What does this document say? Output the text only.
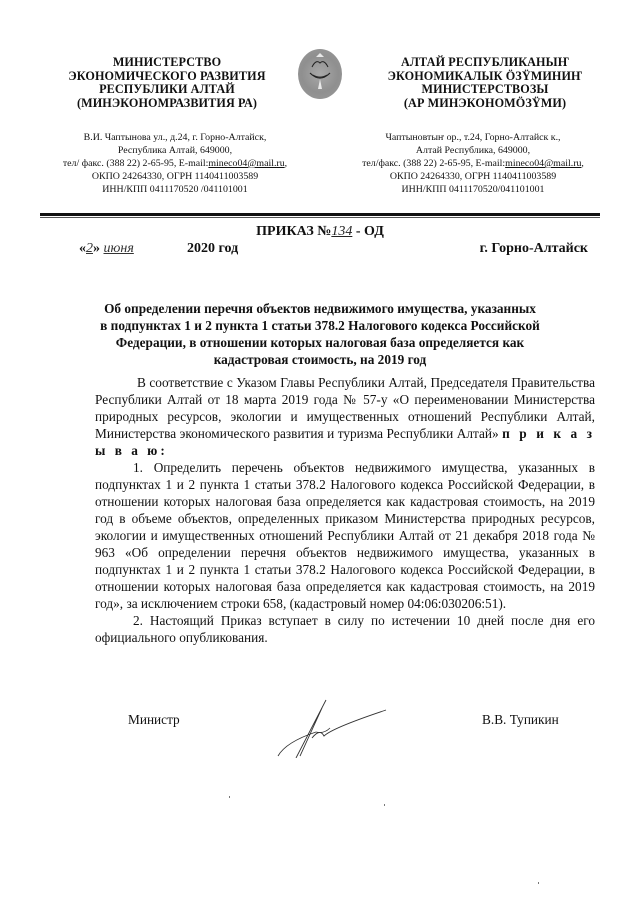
МИНИСТЕРСТВО
ЭКОНОМИЧЕСКОГО РАЗВИТИЯ
РЕСПУБЛИКИ АЛТАЙ
(МИНЭКОНОМРАЗВИТИЯ РА)
АЛТАЙ РЕСПУБЛИКАНЫҤ
ЭКОНОМИКАЛЫК ÖЗŸМИНИҤ
МИНИСТЕРСТВОЗЫ
(АР МИНЭКОНОМÖЗŸМИ)
В.И. Чаптынова ул., д.24, г. Горно-Алтайск,
Республика Алтай, 649000,
тел/ факс. (388 22) 2-65-95, E-mail:mineco04@mail.ru,
ОКПО 24264330, ОГРН 1140411003589
ИНН/КПП 0411170520 /041101001
Чаптыновтыҥ ор., т.24, Горно-Алтайск к.,
Алтай Республика, 649000,
тел/факс. (388 22) 2-65-95, E-mail:mineco04@mail.ru,
ОКПО 24264330, ОГРН 1140411003589
ИНН/КПП 0411170520/041101001
ПРИКАЗ №134 - ОД
«2» июня	2020 год	г. Горно-Алтайск
Об определении перечня объектов недвижимого имущества, указанных в подпунктах 1 и 2 пункта 1 статьи 378.2 Налогового кодекса Российской Федерации, в отношении которых налоговая база определяется как кадастровая стоимость, на 2019 год

В соответствие с Указом Главы Республики Алтай, Председателя Правительства Республики Алтай от 18 марта 2019 года № 57-у «О переименовании Министерства природных ресурсов, экологии и имущественных отношений Республики Алтай, Министерства экономического развития и туризма Республики Алтай» п р и к а з ы в а ю:

1. Определить перечень объектов недвижимого имущества, указанных в подпунктах 1 и 2 пункта 1 статьи 378.2 Налогового кодекса Российской Федерации, в отношении которых налоговая база определяется как кадастровая стоимость, на 2019 год в объеме объектов, определенных приказом Министерства природных ресурсов, экологии и имущественных отношений Республики Алтай от 21 декабря 2018 года № 963 «Об определении перечня объектов недвижимого имущества, указанных в подпунктах 1 и 2 пункта 1 статьи 378.2 Налогового кодекса Российской Федерации, в отношении которых налоговая база определяется как кадастровая стоимость, на 2019 год», за исключением строки 658, (кадастровый номер 04:06:030206:51).

2. Настоящий Приказ вступает в силу по истечении 10 дней после дня его официального опубликования.

Министр	В.В. Тупикин
